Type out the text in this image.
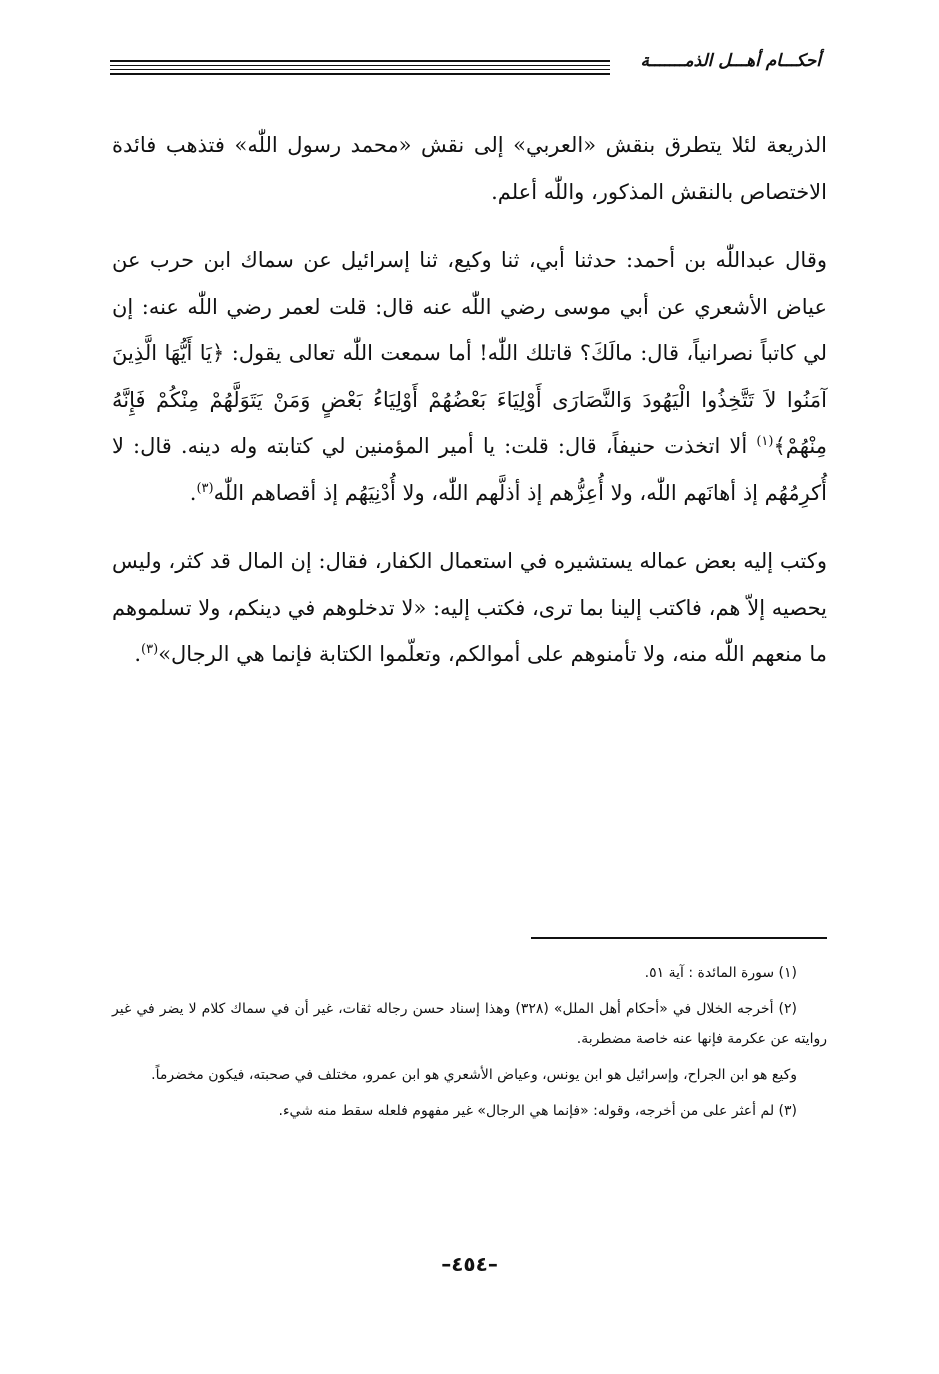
أحكـــام أهـــل الذمـــــــة

الذريعة لئلا يتطرق بنقش «العربي» إلى نقش «محمد رسول اللّٰه» فتذهب فائدة الاختصاص بالنقش المذكور، واللّٰه أعلم.

وقال عبداللّٰه بن أحمد: حدثنا أبي، ثنا وكيع، ثنا إسرائيل عن سماك ابن حرب عن عياض الأشعري عن أبي موسى رضي اللّٰه عنه قال: قلت لعمر رضي اللّٰه عنه: إن لي كاتباً نصرانياً، قال: مالَكَ؟ قاتلك اللّٰه! أما سمعت اللّٰه تعالى يقول: ﴿يَا أَيُّهَا الَّذِينَ آمَنُوا لاَ تَتَّخِذُوا الْيَهُودَ وَالنَّصَارَى أَوْلِيَاءَ بَعْضُهُمْ أَوْلِيَاءُ بَعْضٍ وَمَنْ يَتَوَلَّهُمْ مِنْكُمْ فَإِنَّهُ مِنْهُمْ﴾$^{(١)}$ ألا اتخذت حنيفاً، قال: قلت: يا أمير المؤمنين لي كتابته وله دينه. قال: لا أُكرِمُهُم إذ أهانَهم اللّٰه، ولا أُعِزُّهم إذ أذلَّهم اللّٰه، ولا أُدْنِيَهُم إذ أقصاهم اللّٰه$^{(٣)}$.

وكتب إليه بعض عماله يستشيره في استعمال الكفار، فقال: إن المال قد كثر، وليس يحصيه إلاّ هم، فاكتب إلينا بما ترى، فكتب إليه: «لا تدخلوهم في دينكم، ولا تسلموهم ما منعهم اللّٰه منه، ولا تأمنوهم على أموالكم، وتعلّموا الكتابة فإنما هي الرجال»$^{(٣)}$.

(١) سورة المائدة : آية ٥١.

(٢) أخرجه الخلال في «أحكام أهل الملل» (٣٢٨) وهذا إسناد حسن رجاله ثقات، غير أن في سماك كلام لا يضر في غير روايته عن عكرمة فإنها عنه خاصة مضطربة.

وكيع هو ابن الجراح، وإسرائيل هو ابن يونس، وعياض الأشعري هو ابن عمرو، مختلف في صحبته، فيكون مخضرماً.

(٣) لم أعثر على من أخرجه، وقوله: «فإنما هي الرجال» غير مفهوم فلعله سقط منه شيء.

–٤٥٤–
